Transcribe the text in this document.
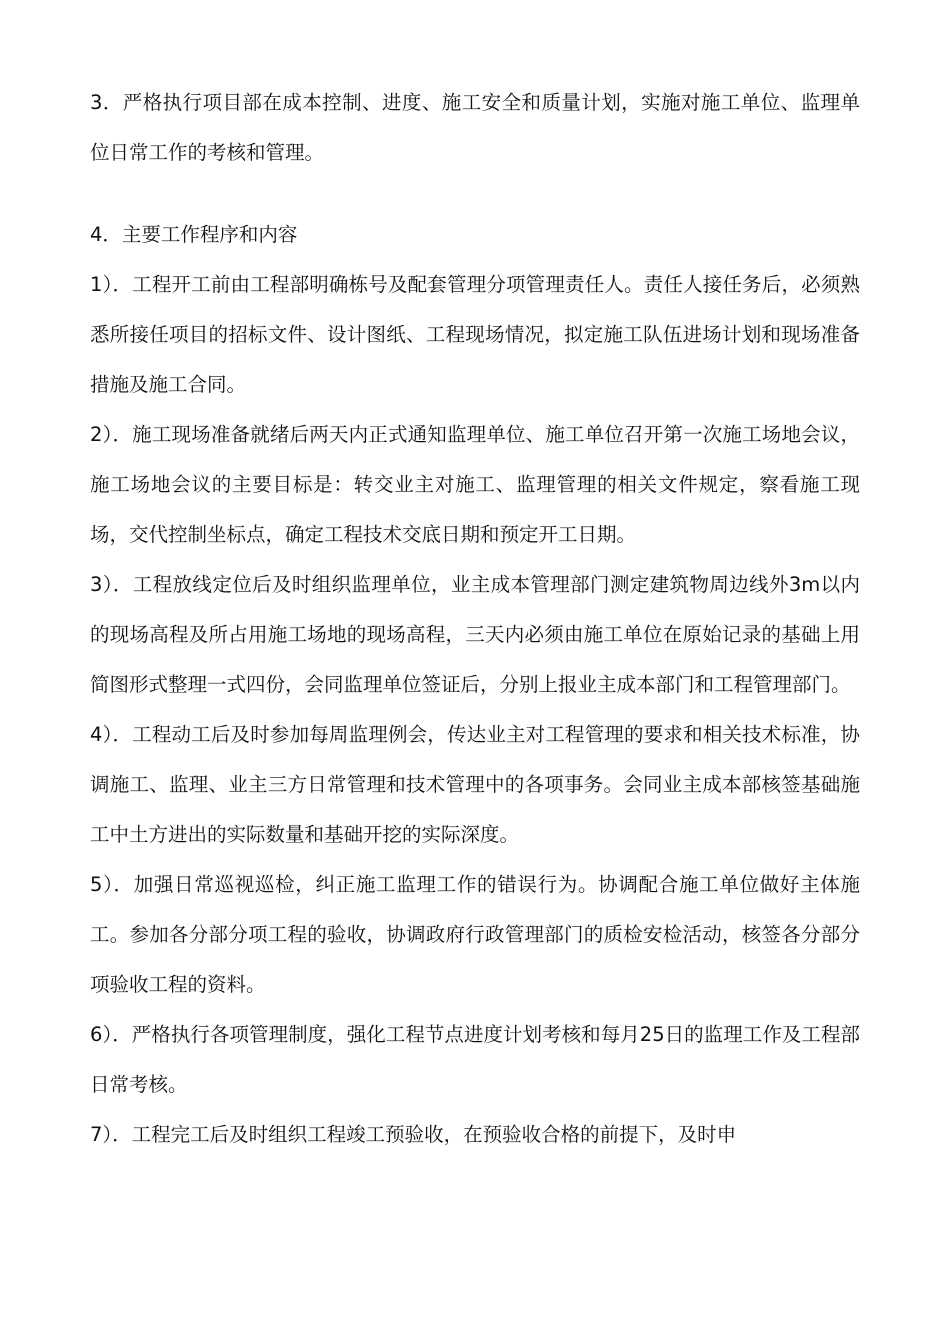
3．严格执行项目部在成本控制、进度、施工安全和质量计划，实施对施工单位、监理单位日常工作的考核和管理。

4．主要工作程序和内容

1）．工程开工前由工程部明确栋号及配套管理分项管理责任人。责任人接任务后，必须熟悉所接任项目的招标文件、设计图纸、工程现场情况，拟定施工队伍进场计划和现场准备措施及施工合同。

2）．施工现场准备就绪后两天内正式通知监理单位、施工单位召开第一次施工场地会议，施工场地会议的主要目标是：转交业主对施工、监理管理的相关文件规定，察看施工现场，交代控制坐标点，确定工程技术交底日期和预定开工日期。

3）．工程放线定位后及时组织监理单位，业主成本管理部门测定建筑物周边线外3m以内的现场高程及所占用施工场地的现场高程，三天内必须由施工单位在原始记录的基础上用简图形式整理一式四份，会同监理单位签证后，分别上报业主成本部门和工程管理部门。

4）．工程动工后及时参加每周监理例会，传达业主对工程管理的要求和相关技术标准，协调施工、监理、业主三方日常管理和技术管理中的各项事务。会同业主成本部核签基础施工中土方进出的实际数量和基础开挖的实际深度。

5）．加强日常巡视巡检，纠正施工监理工作的错误行为。协调配合施工单位做好主体施工。参加各分部分项工程的验收，协调政府行政管理部门的质检安检活动，核签各分部分项验收工程的资料。

6）．严格执行各项管理制度，强化工程节点进度计划考核和每月25日的监理工作及工程部日常考核。

7）．工程完工后及时组织工程竣工预验收，在预验收合格的前提下，及时申
